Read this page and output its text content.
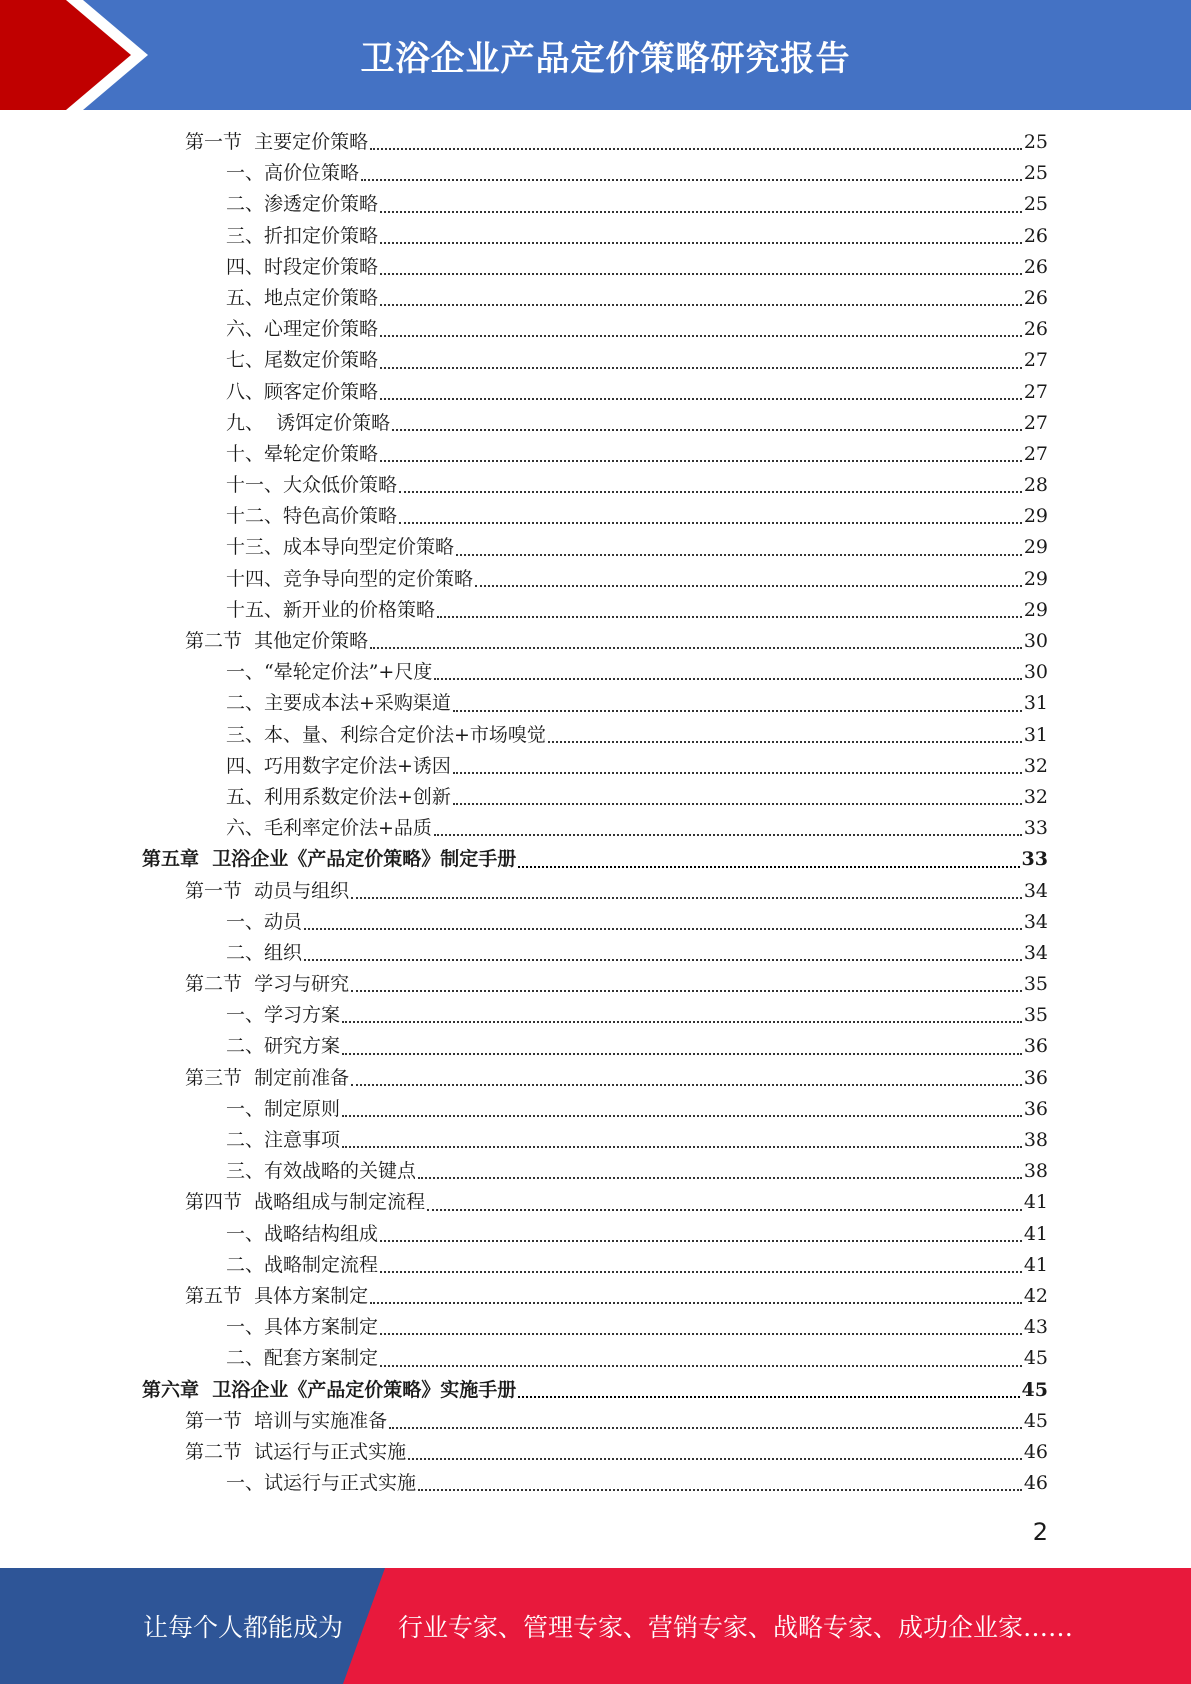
卫浴企业产品定价策略研究报告
第一节  主要定价策略	25
一、高价位策略	25
二、渗透定价策略	25
三、折扣定价策略	26
四、时段定价策略	26
五、地点定价策略	26
六、心理定价策略	26
七、尾数定价策略	27
八、顾客定价策略	27
九、  诱饵定价策略	27
十、晕轮定价策略	27
十一、大众低价策略	28
十二、特色高价策略	29
十三、成本导向型定价策略	29
十四、竞争导向型的定价策略	29
十五、新开业的价格策略	29
第二节  其他定价策略	30
一、“晕轮定价法”+尺度	30
二、主要成本法+采购渠道	31
三、本、量、利综合定价法+市场嗅觉	31
四、巧用数字定价法+诱因	32
五、利用系数定价法+创新	32
六、毛利率定价法+品质	33
第五章  卫浴企业《产品定价策略》制定手册	33
第一节  动员与组织	34
一、动员	34
二、组织	34
第二节  学习与研究	35
一、学习方案	35
二、研究方案	36
第三节  制定前准备	36
一、制定原则	36
二、注意事项	38
三、有效战略的关键点	38
第四节  战略组成与制定流程	41
一、战略结构组成	41
二、战略制定流程	41
第五节  具体方案制定	42
一、具体方案制定	43
二、配套方案制定	45
第六章  卫浴企业《产品定价策略》实施手册	45
第一节  培训与实施准备	45
第二节  试运行与正式实施	46
一、试运行与正式实施	46
2
让每个人都能成为 行业专家、管理专家、营销专家、战略专家、成功企业家……
